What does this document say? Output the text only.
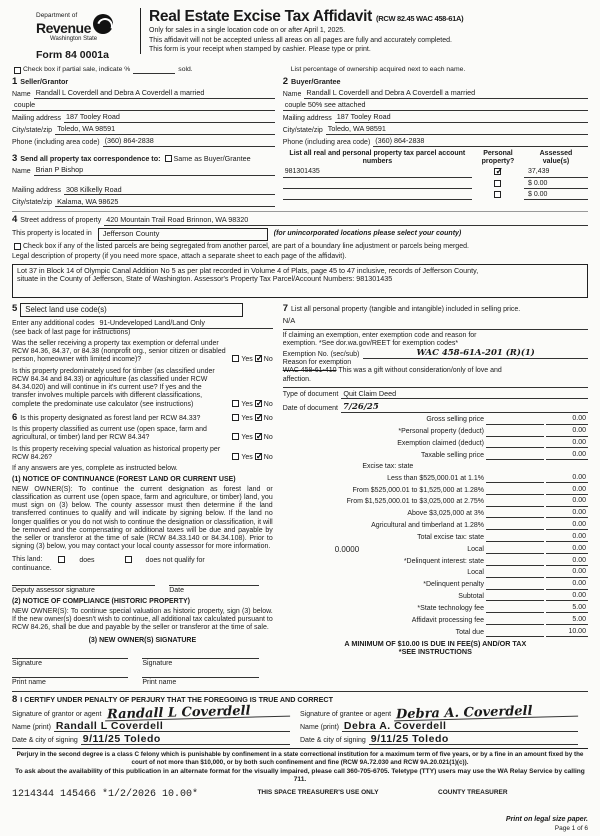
Department of
Revenue
Washington State
Form 84 0001a
Real Estate Excise Tax Affidavit (RCW 82.45 WAC 458-61A)
Only for sales in a single location code on or after April 1, 2025.
This affidavit will not be accepted unless all areas on all pages are fully and accurately completed.
This form is your receipt when stamped by cashier. Please type or print.
Check box if partial sale, indicate %	sold.	List percentage of ownership acquired next to each name.
1 Seller/Grantor
Name Randall L Coverdell and Debra A Coverdell a married
couple
Mailing address 187 Tooley Road
City/state/zip Toledo, WA 98591
Phone (including area code) (360) 864-2838
3 Send all property tax correspondence to: Same as Buyer/Grantee
Name Brian P Bishop
Mailing address 308 Kilkelly Road
City/state/zip Kalama, WA 98625
2 Buyer/Grantee
Name Randall L Coverdell and Debra A Coverdell a married
couple 50% see attached
Mailing address 187 Tooley Road
City/state/zip Toledo, WA 98591
Phone (including area code) (360) 864-2838
List all real and personal property tax parcel account numbers
Personal
property?
Assessed
value(s)
981301435 ✓	37,439
$ 0.00
$ 0.00
4 Street address of property 420 Mountain Trail Road Brinnon, WA 98320
This property is located in	Jefferson County	(for unincorporated locations please select your county)
Check box if any of the listed parcels are being segregated from another parcel, are part of a boundary line adjustment or parcels being merged.
Legal description of property (if you need more space, attach a separate sheet to each page of the affidavit).
Lot 37 in Block 14 of Olympic Canal Addition No 5 as per plat recorded in Volume 4 of Plats, page 45 to 47 inclusive, records of Jefferson County,
situate in the County of Jefferson, State of Washington. Assessor's Property Tax Parcel/Account Numbers: 981301435
5	Select land use code(s)
Enter any additional codes 91-Undeveloped Land/Land Only
(see back of last page for instructions)

Was the seller receiving a property tax exemption or deferral under RCW 84.36, 84.37, or 84.38 (nonprofit org., senior citizen or disabled person, homeowner with limited income)?	Yes ✓ No

Is this property predominately used for timber (as classified under RCW 84.34 and 84.33) or agriculture (as classified under RCW 84.34.020) and will continue in it's current use? If yes and the transfer involves multiple parcels with different classifications, complete the predominate use calculator (see instructions)	Yes ✓ No

6 Is this property designated as forest land per RCW 84.33?	Yes ✓ No

Is this property classified as current use (open space, farm and agricultural, or timber) land per RCW 84.34?	Yes ✓ No

Is this property receiving special valuation as historical property per RCW 84.26?	Yes ✓ No
If any answers are yes, complete as instructed below.
(1) NOTICE OF CONTINUANCE (FOREST LAND OR CURRENT USE)
NEW OWNER(S): To continue the current designation as forest land or classification as current use (open space, farm and agriculture, or timber) land, you must sign on (3) below. The county assessor must then determine if the land transferred continues to qualify and will indicate by signing below. If the land no longer qualifies or you do not wish to continue the designation or classification, it will be removed and the compensating or additional taxes will be due and payable by the seller or transferor at the time of sale (RCW 84.33.140 or 84.34.108). Prior to signing (3) below, you may contact your local county assessor for more information.
This land:	does	does not qualify for
continuance.
Deputy assessor signature	Date
(2) NOTICE OF COMPLIANCE (HISTORIC PROPERTY)
NEW OWNER(S): To continue special valuation as historic property, sign (3) below. If the new owner(s) doesn't wish to continue, all additional tax calculated pursuant to RCW 84.26, shall be due and payable by the seller or transferor at the time of sale.
(3) NEW OWNER(S) SIGNATURE
Signature	Signature
Print name	Print name
7 List all personal property (tangible and intangible) included in selling price.
N/A
If claiming an exemption, enter exemption code and reason for
exemption. *See dor.wa.gov/REET for exemption codes*
Exemption No. (sec/sub)	WAC 458-61A-201 (R)(1)
Reason for exemption
WAC 458-61-410 This was a gift without consideration/only of love and
affection.
Type of document Quit Claim Deed
Date of document 7/26/25
Gross selling price	0.00
*Personal property (deduct)	0.00
Exemption claimed (deduct)	0.00
Taxable selling price	0.00
Excise tax: state
Less than $525,000.01 at 1.1%	0.00
From $525,000.01 to $1,525,000 at 1.28%	0.00
From $1,525,000.01 to $3,025,000 at 2.75%	0.00
Above $3,025,000 at 3%	0.00
Agricultural and timberland at 1.28%	0.00
Total excise tax: state	0.00
0.0000	Local	0.00
*Delinquent interest: state	0.00
Local	0.00
*Delinquent penalty	0.00
Subtotal	0.00
*State technology fee	5.00
Affidavit processing fee	5.00
Total due	10.00
A MINIMUM OF $10.00 IS DUE IN FEE(S) AND/OR TAX
*SEE INSTRUCTIONS
8 I CERTIFY UNDER PENALTY OF PERJURY THAT THE FOREGOING IS TRUE AND CORRECT
Signature of grantor or agent Randall L Coverdell
Name (print) Randall L Coverdell
Date & city of signing 9/11/25 Toledo
Signature of grantee or agent Debra A. Coverdell
Name (print) Debra A. Coverdell
Date & city of signing 9/11/25 Toledo
Perjury in the second degree is a class C felony which is punishable by confinement in a state correctional institution for a maximum term of five years, or by a fine in an amount fixed by the court of not more than $10,000, or by both such confinement and fine (RCW 9A.72.030 and RCW 9A.20.021(1)(c)).
To ask about the availability of this publication in an alternate format for the visually impaired, please call 360-705-6705. Teletype (TTY) users may use the WA Relay Service by calling 711.
1214344 145466 *1/2/2026 10.00*	THIS SPACE TREASURER'S USE ONLY	COUNTY TREASURER
Print on legal size paper.
Page 1 of 6
